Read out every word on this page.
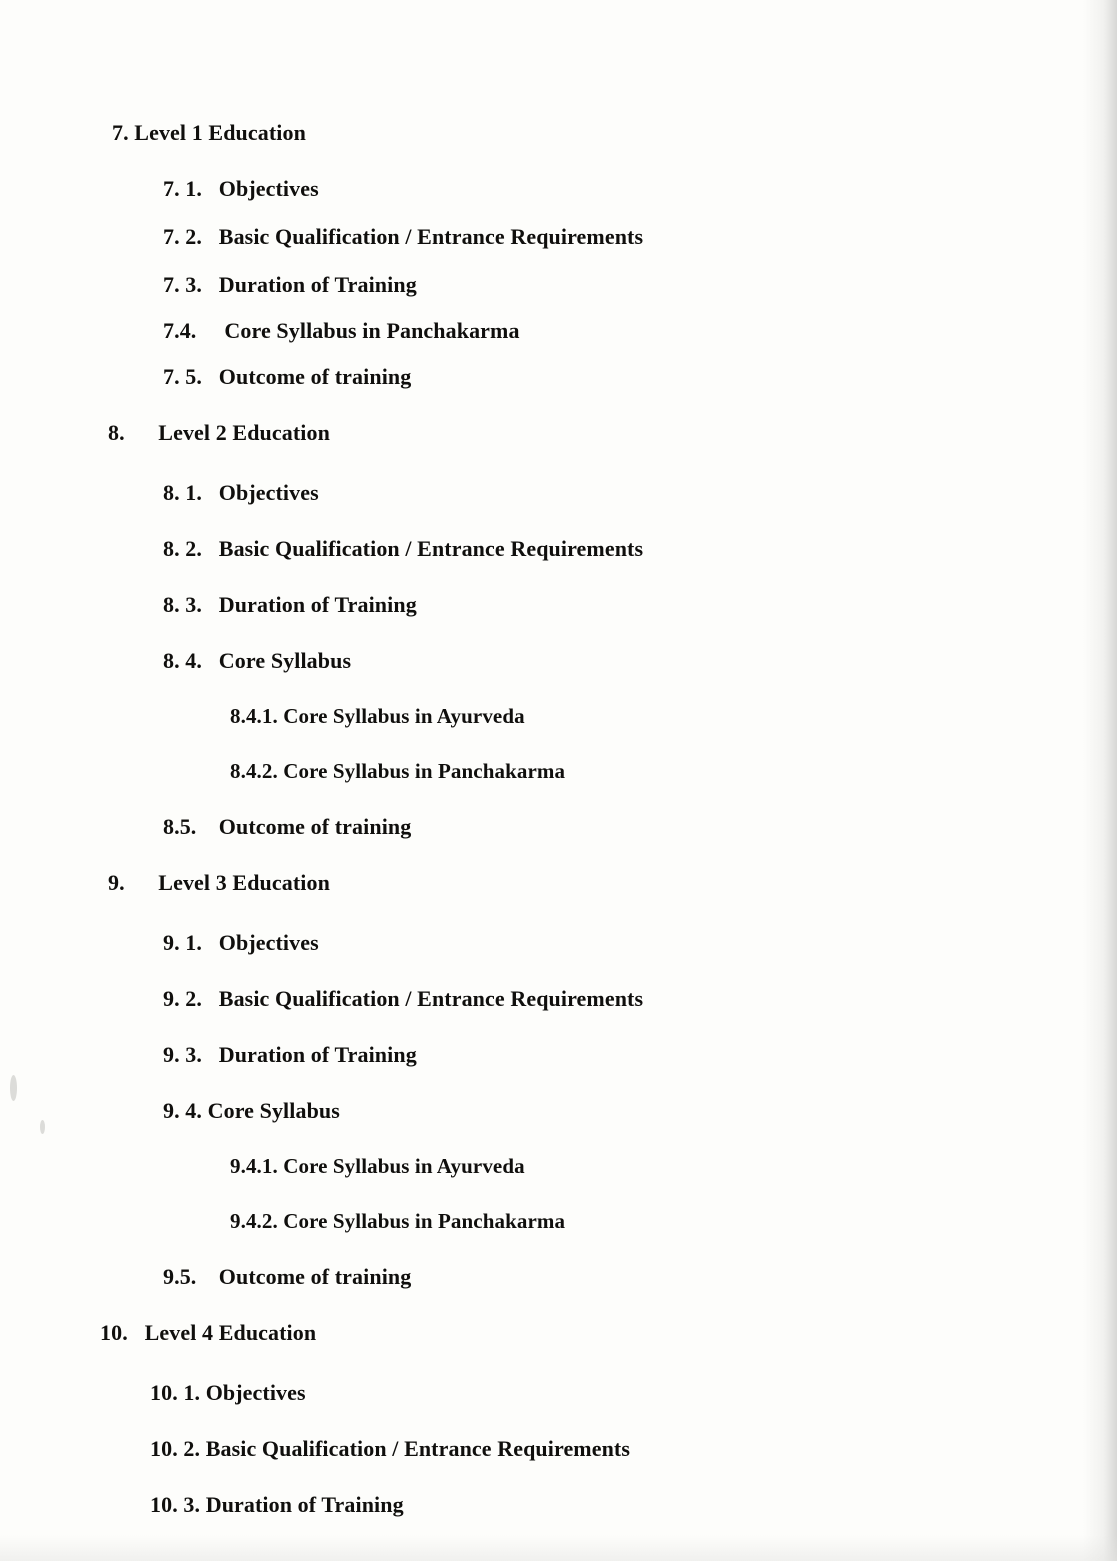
7. Level 1 Education
7. 1.   Objectives
7. 2.   Basic Qualification / Entrance Requirements
7. 3.   Duration of Training
7.4.     Core Syllabus in Panchakarma
7. 5.   Outcome of training
8.      Level 2 Education
8. 1.   Objectives
8. 2.   Basic Qualification / Entrance Requirements
8. 3.   Duration of Training
8. 4.   Core Syllabus
8.4.1. Core Syllabus in Ayurveda
8.4.2. Core Syllabus in Panchakarma
8.5.    Outcome of training
9.      Level 3 Education
9. 1.   Objectives
9. 2.   Basic Qualification / Entrance Requirements
9. 3.   Duration of Training
9. 4. Core Syllabus
9.4.1. Core Syllabus in Ayurveda
9.4.2. Core Syllabus in Panchakarma
9.5.    Outcome of training
10.   Level 4 Education
10. 1. Objectives
10. 2. Basic Qualification / Entrance Requirements
10. 3. Duration of Training
